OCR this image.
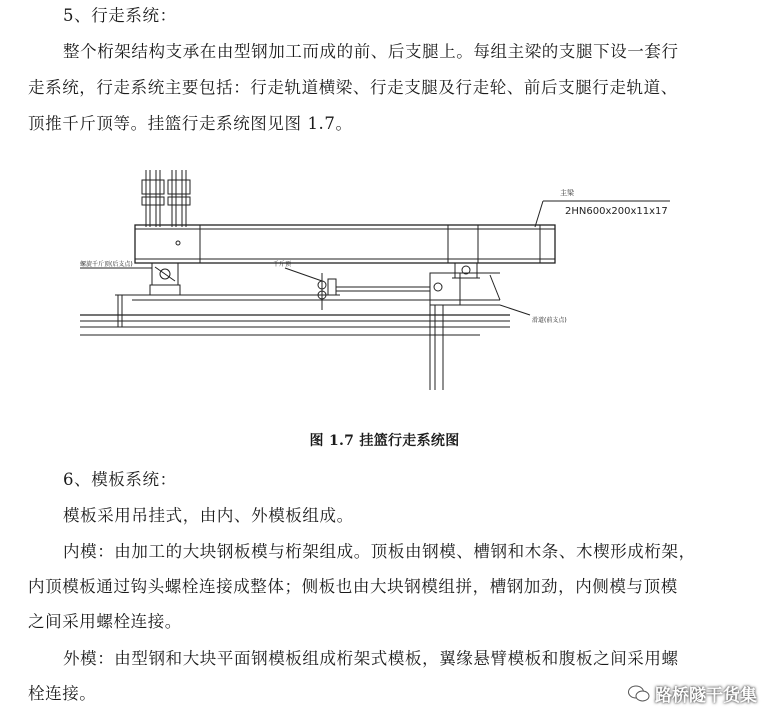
5、行走系统：
整个桁架结构支承在由型钢加工而成的前、后支腿上。每组主梁的支腿下设一套行
走系统，行走系统主要包括：行走轨道横梁、行走支腿及行走轮、前后支腿行走轨道、
顶推千斤顶等。挂篮行走系统图见图 1.7。
主梁
2HN600x200x11x17
螺旋千斤顶(后支点)	千斤顶
滑道(前支点)
图 1.7 挂篮行走系统图
6、模板系统：
模板采用吊挂式，由内、外模板组成。
内模：由加工的大块钢板模与桁架组成。顶板由钢模、槽钢和木条、木楔形成桁架，
内顶模板通过钩头螺栓连接成整体；侧板也由大块钢模组拼，槽钢加劲，内侧模与顶模
之间采用螺栓连接。
外模：由型钢和大块平面钢模板组成桁架式模板，翼缘悬臂模板和腹板之间采用螺
栓连接。	路桥隧干货集
